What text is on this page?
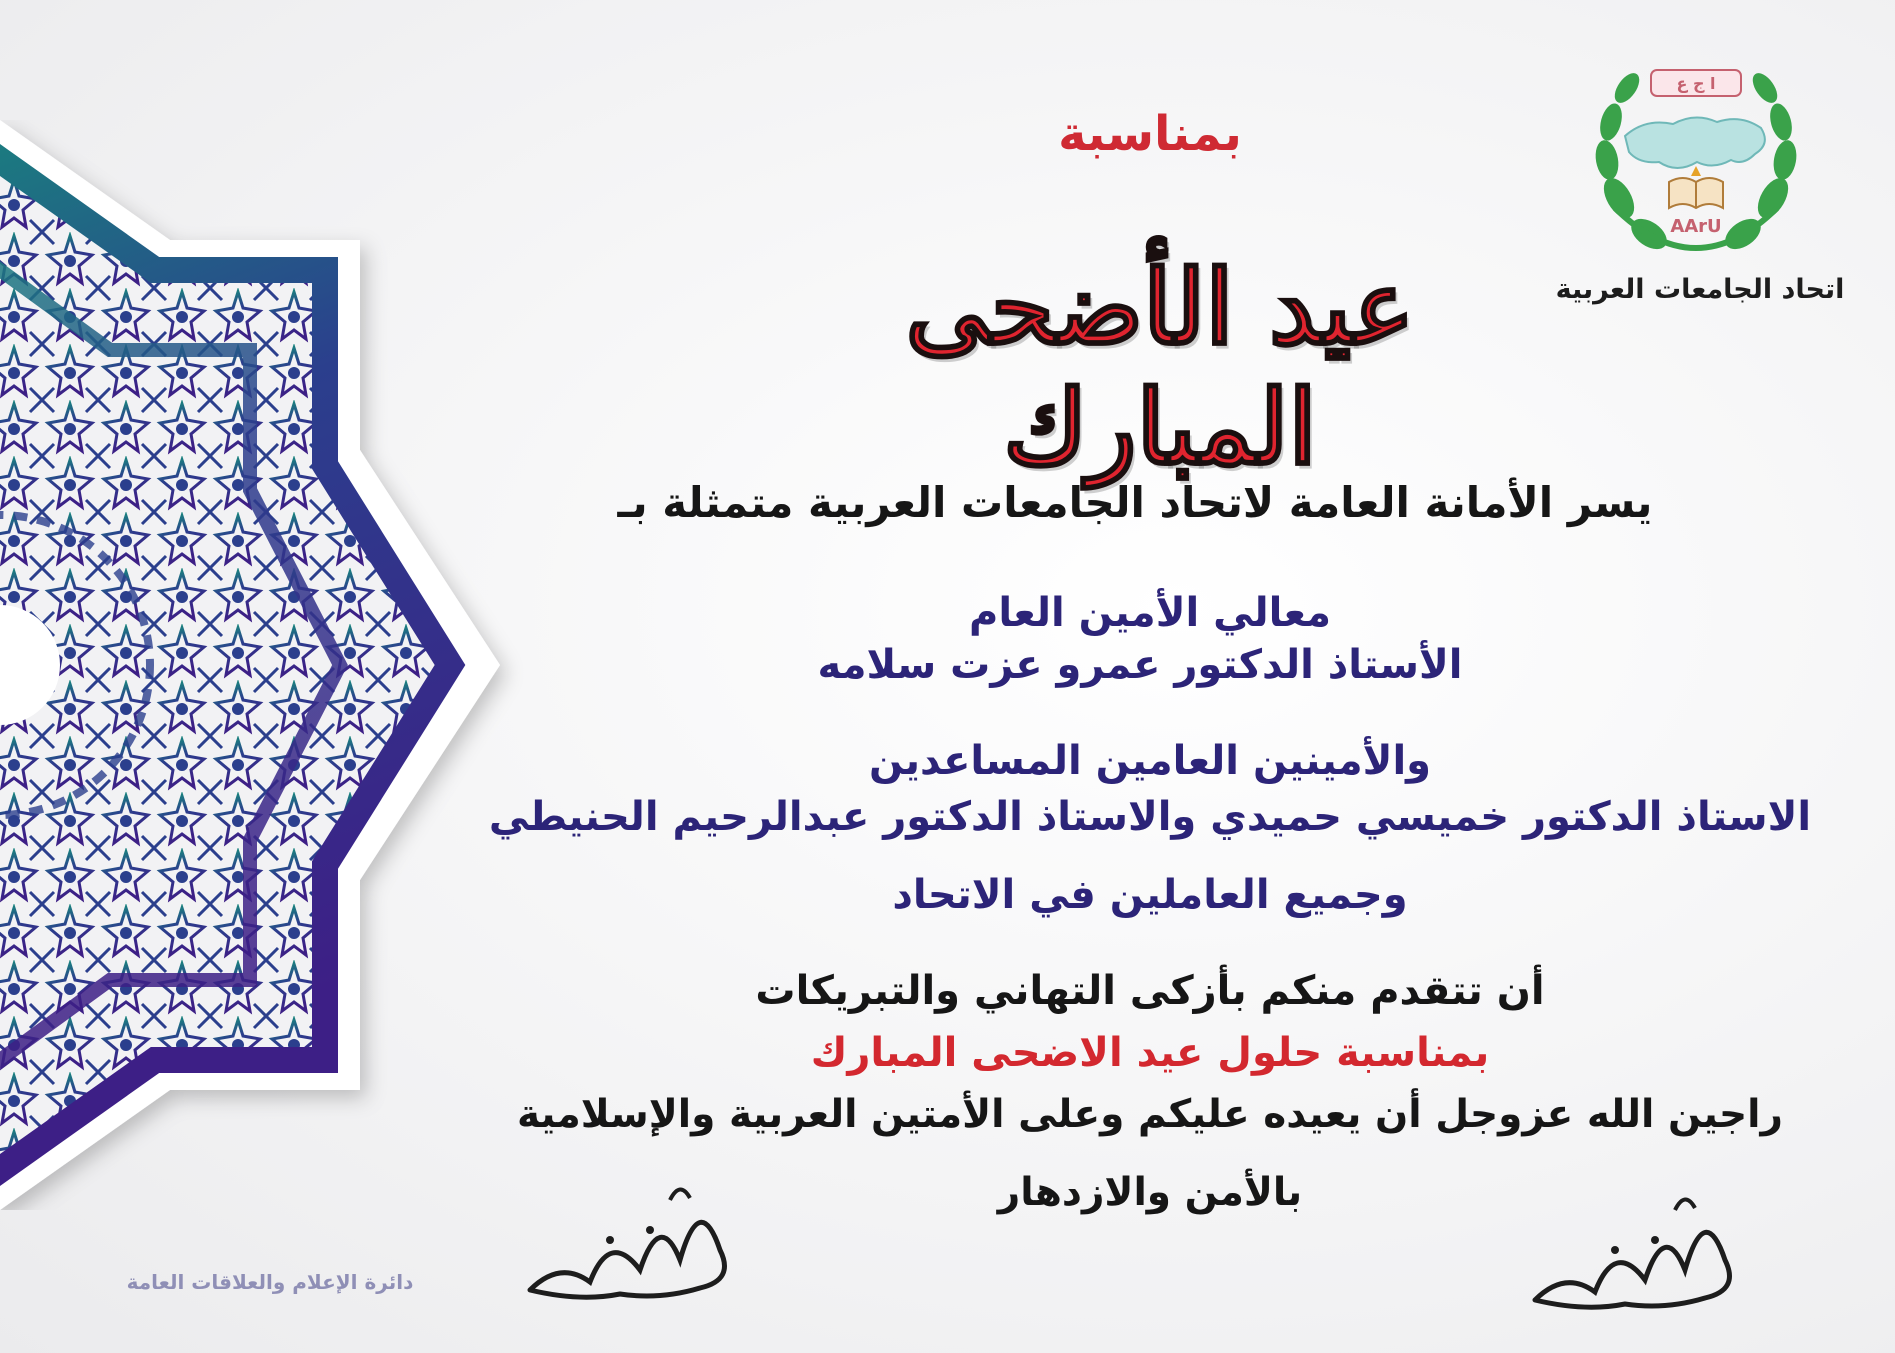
ا ج ع
AArU
اتحاد الجامعات العربية
بمناسبة
عيد الأضحى المبارك
يسر الأمانة العامة لاتحاد الجامعات العربية متمثلة بـ
معالي الأمين العام
الأستاذ الدكتور عمرو عزت سلامه
والأمينين العامين المساعدين
الاستاذ الدكتور خميسي حميدي والاستاذ الدكتور عبدالرحيم الحنيطي
وجميع العاملين في الاتحاد
أن تتقدم منكم بأزكى التهاني والتبريكات
بمناسبة حلول عيد الاضحى المبارك
راجين الله عزوجل أن يعيده عليكم وعلى الأمتين العربية والإسلامية
بالأمن والازدهار
دائرة الإعلام والعلاقات العامة
